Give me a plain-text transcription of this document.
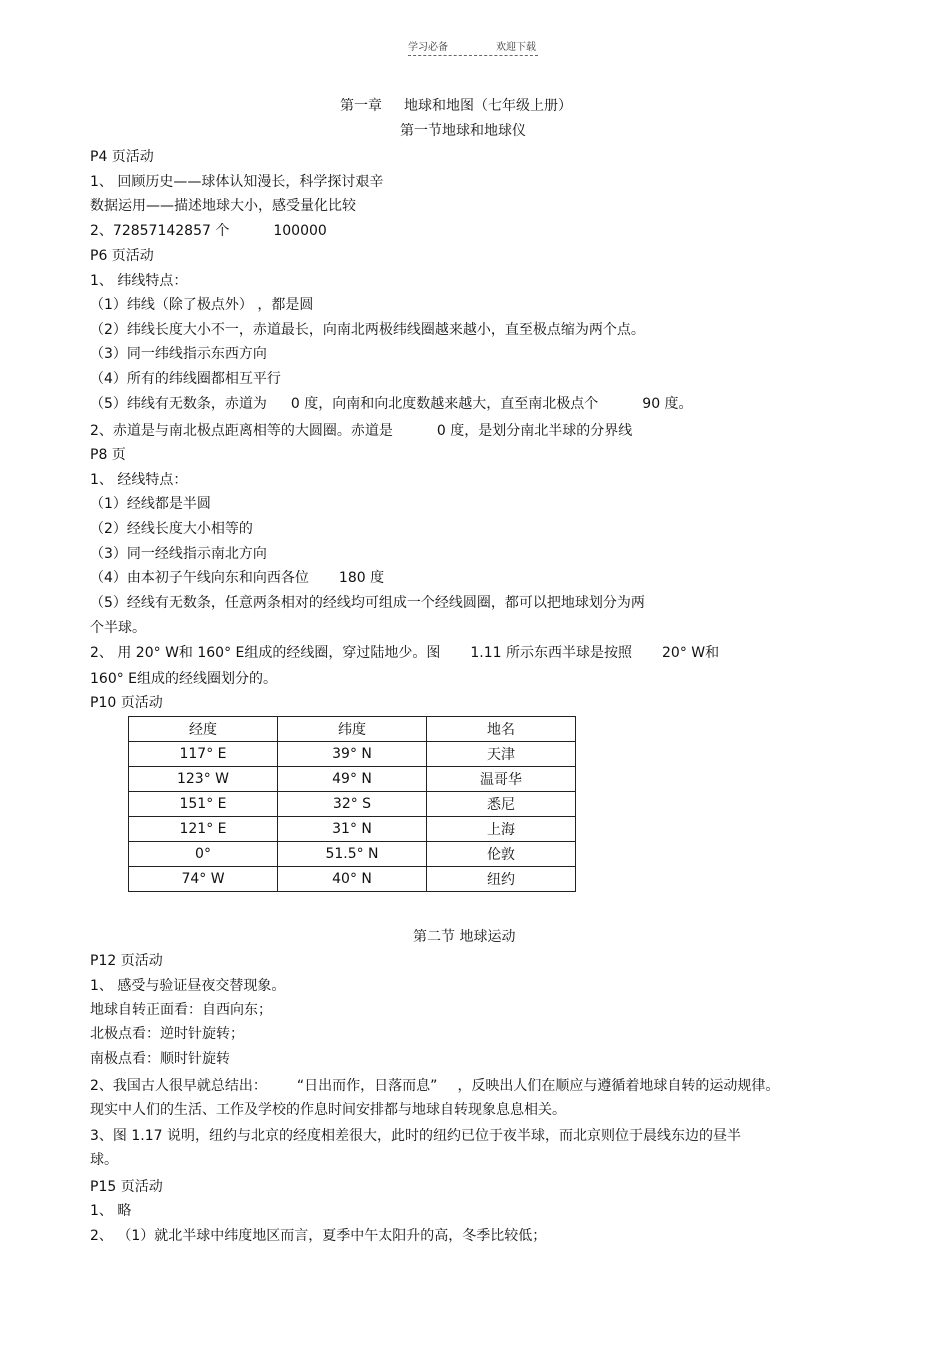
学习必备	欢迎下载
第一章 地球和地图（七年级上册）
第一节地球和地球仪
P4 页活动
1、 回顾历史——球体认知漫长，科学探讨艰辛
数据运用——描述地球大小，感受量化比较
2、72857142857 个	100000
P6 页活动
1、 纬线特点：
（1）纬线（除了极点外） ，都是圆
（2）纬线长度大小不一，赤道最长，向南北两极纬线圈越来越小，直至极点缩为两个点。
（3）同一纬线指示东西方向
（4）所有的纬线圈都相互平行
（5）纬线有无数条，赤道为 0 度，向南和向北度数越来越大，直至南北极点个	90 度。
2、赤道是与南北极点距离相等的大圆圈。赤道是	0 度，是划分南北半球的分界线
P8 页
1、 经线特点：
（1）经线都是半圆
（2）经线长度大小相等的
（3）同一经线指示南北方向
（4）由本初子午线向东和向西各位 180 度
（5）经线有无数条，任意两条相对的经线均可组成一个经线圆圈，都可以把地球划分为两
个半球。
2、 用 20° W和 160° E组成的经线圈，穿过陆地少。图 1.11 所示东西半球是按照 20° W和
160° E组成的经线圈划分的。
P10 页活动
经度	纬度	地名
117° E	39° N	天津
123° W	49° N	温哥华
151° E	32° S	悉尼
121° E	31° N	上海
0°	51.5° N	伦敦
74° W	40° N	纽约
第二节 地球运动
P12 页活动
1、 感受与验证昼夜交替现象。
地球自转正面看：自西向东；
北极点看：逆时针旋转；
南极点看：顺时针旋转
2、我国古人很早就总结出： “日出而作，日落而息” ，反映出人们在顺应与遵循着地球自转的运动规律。
现实中人们的生活、工作及学校的作息时间安排都与地球自转现象息息相关。
3、图 1.17 说明，纽约与北京的经度相差很大，此时的纽约已位于夜半球，而北京则位于晨线东边的昼半
球。
P15 页活动
1、 略
2、 （1）就北半球中纬度地区而言，夏季中午太阳升的高，冬季比较低；
